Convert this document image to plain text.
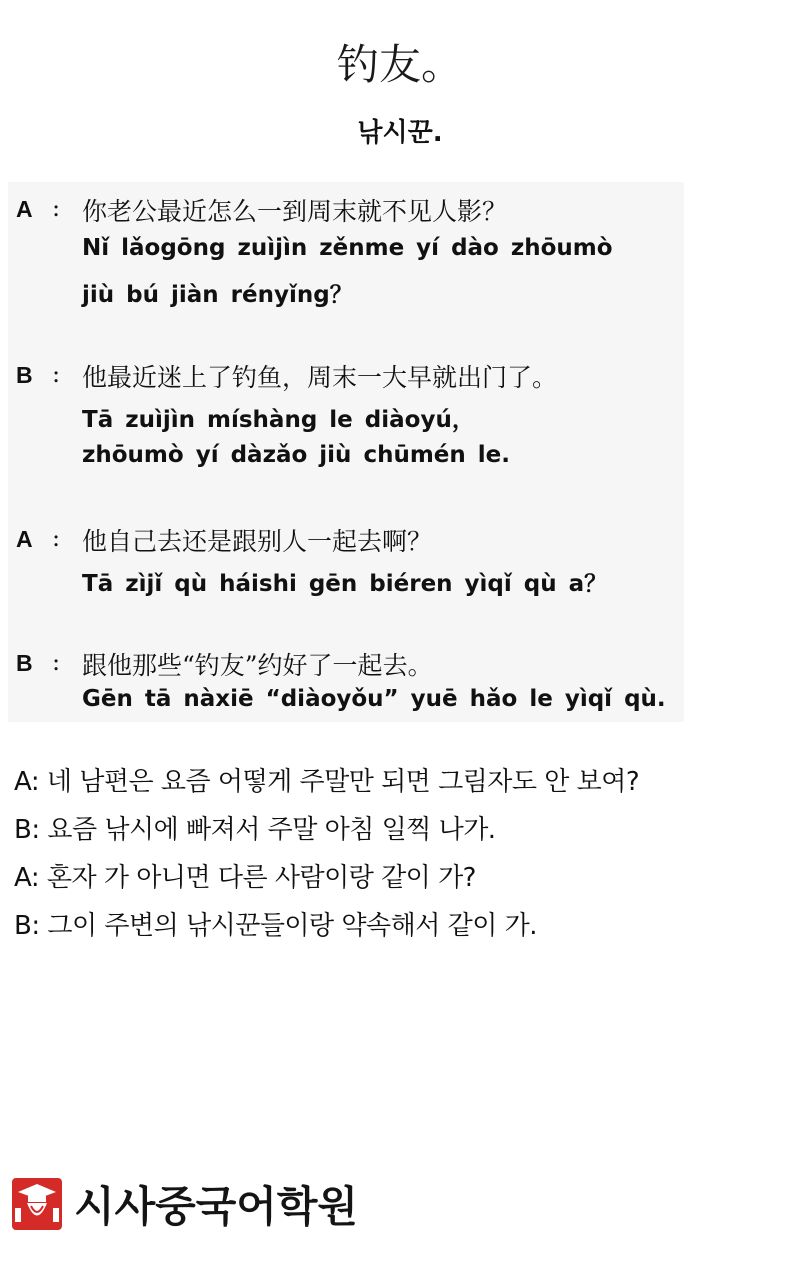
钓友。
낚시꾼.
A : 你老公最近怎么一到周末就不见人影？
Nǐ lǎogōng zuìjìn zěnme yí dào zhōumò
jiù bú jiàn rényǐng？
B : 他最近迷上了钓鱼，周末一大早就出门了。
Tā zuìjìn míshàng le diàoyú，
zhōumò yí dàzǎo jiù chūmén le.
A : 他自己去还是跟别人一起去啊？
Tā zìjǐ qù háishi gēn biéren yìqǐ qù a？
B : 跟他那些“钓友”约好了一起去。
Gēn tā nàxiē “diàoyǒu” yuē hǎo le yìqǐ qù.
A: 네 남편은 요즘 어떻게 주말만 되면 그림자도 안 보여?
B: 요즘 낚시에 빠져서 주말 아침 일찍 나가.
A: 혼자 가 아니면 다른 사람이랑 같이 가?
B: 그이 주변의 낚시꾼들이랑 약속해서 같이 가.
시사중국어학원
